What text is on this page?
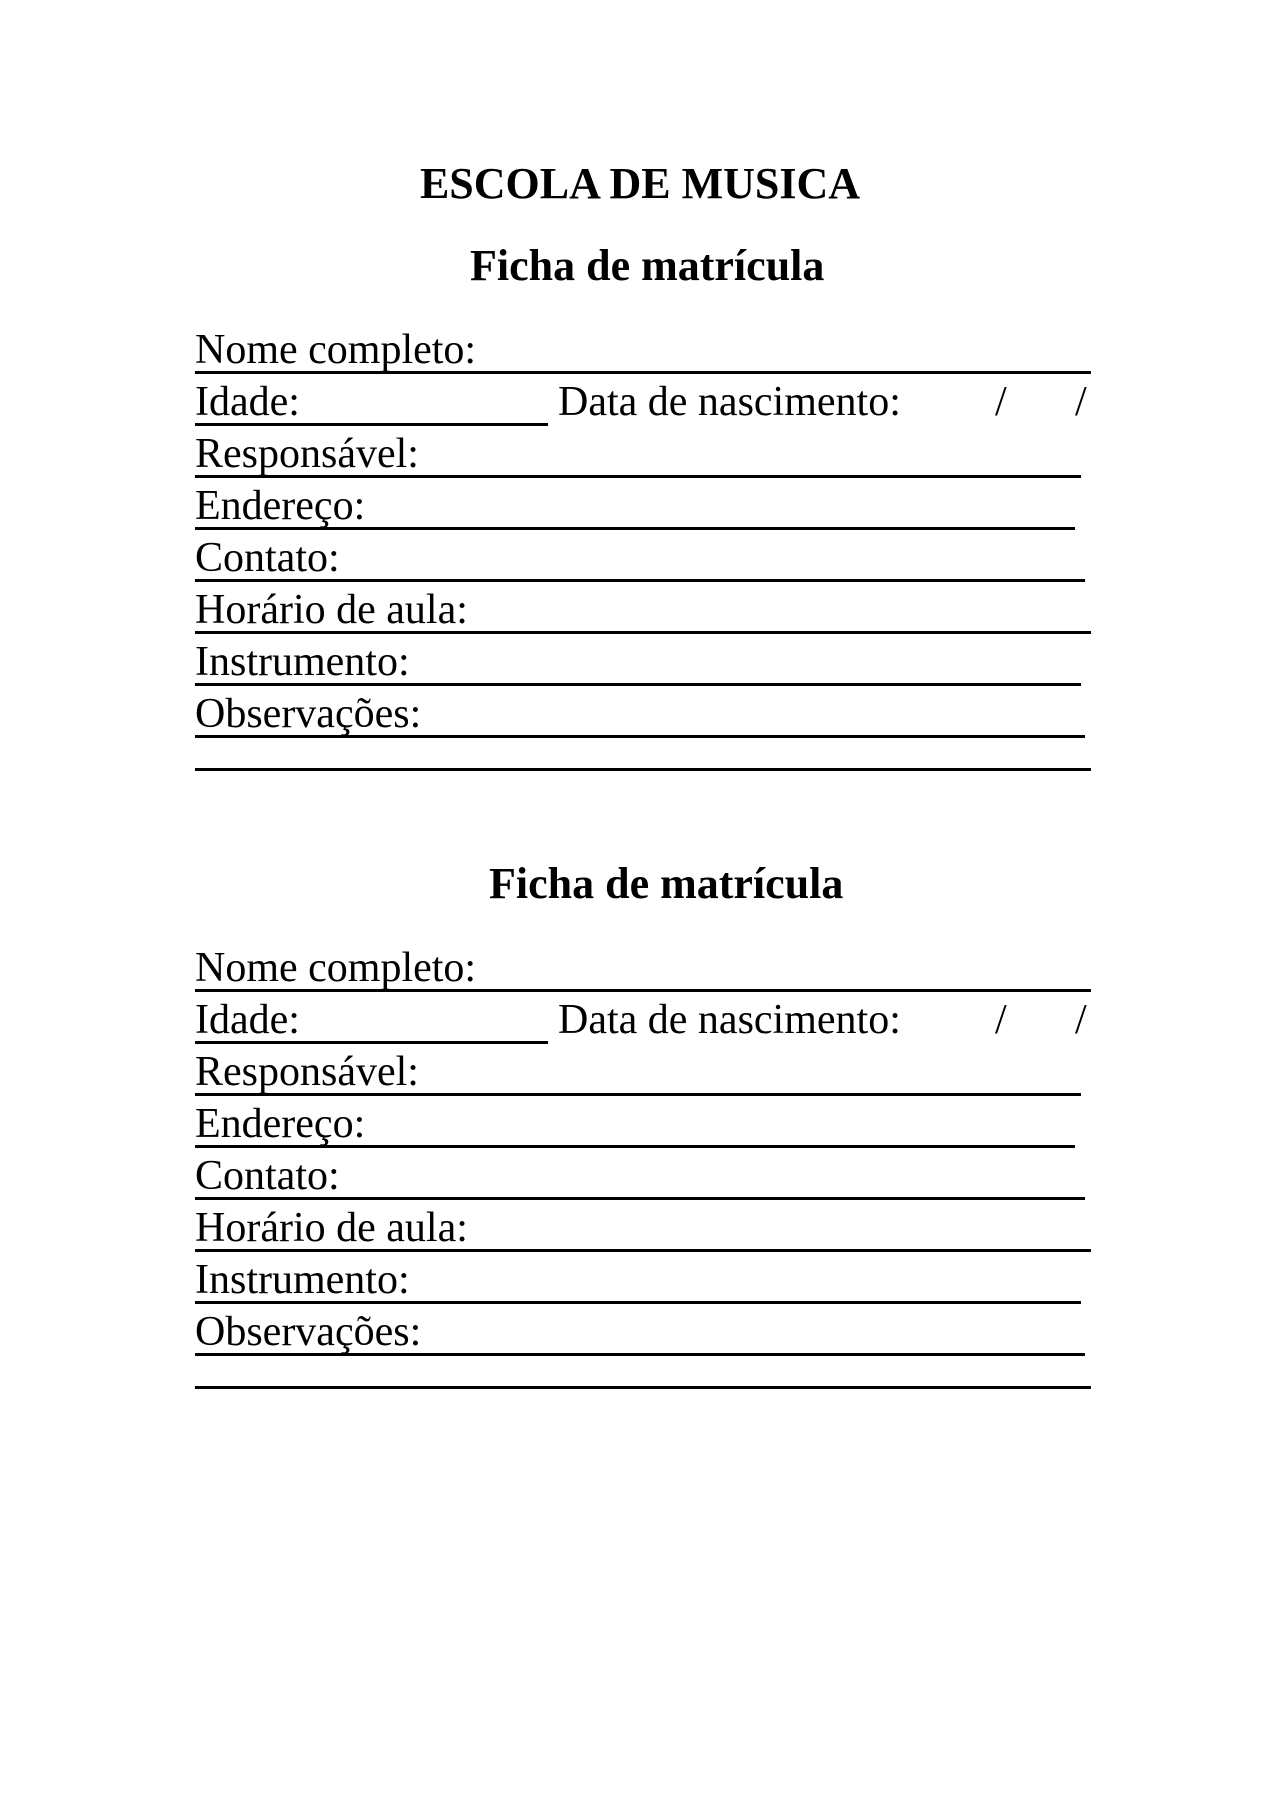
ESCOLA DE MUSICA
Ficha de matrícula
Nome completo:
Idade:	Data de nascimento: / /
Responsável:
Endereço:
Contato:
Horário de aula:
Instrumento:
Observações:
Ficha de matrícula
Nome completo:
Idade:	Data de nascimento: / /
Responsável:
Endereço:
Contato:
Horário de aula:
Instrumento:
Observações:
